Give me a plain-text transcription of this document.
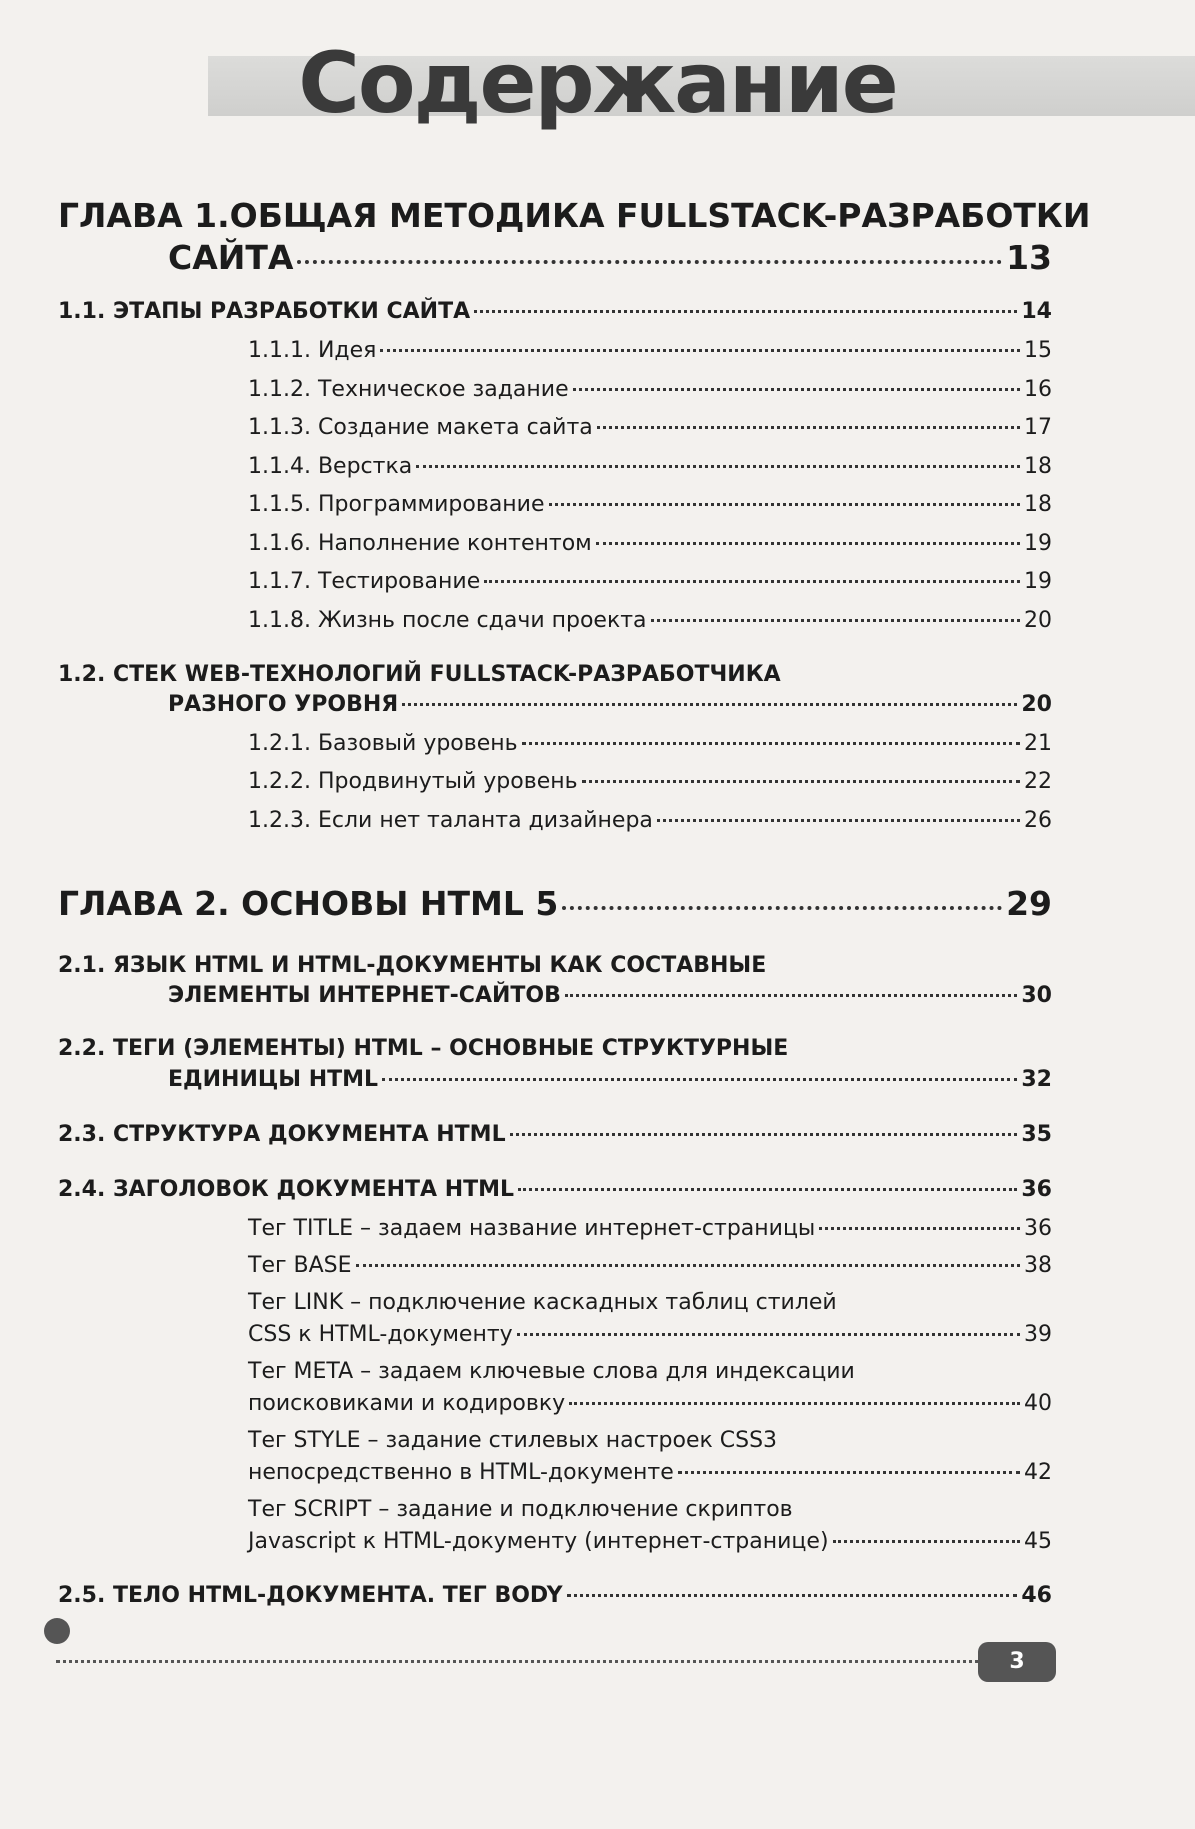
Содержание
ГЛАВА 1.ОБЩАЯ МЕТОДИКА FULLSTACK-РАЗРАБОТКИ
САЙТА	13
1.1. ЭТАПЫ РАЗРАБОТКИ САЙТА	14
1.1.1. Идея	15
1.1.2. Техническое задание	16
1.1.3. Создание макета сайта	17
1.1.4. Верстка	18
1.1.5. Программирование	18
1.1.6. Наполнение контентом	19
1.1.7. Тестирование	19
1.1.8. Жизнь после сдачи проекта	20
1.2. СТЕК WEB-ТЕХНОЛОГИЙ FULLSTACK-РАЗРАБОТЧИКА
РАЗНОГО УРОВНЯ	20
1.2.1. Базовый уровень	21
1.2.2. Продвинутый уровень	22
1.2.3. Если нет таланта дизайнера	26
ГЛАВА 2. ОСНОВЫ HTML 5	29
2.1. ЯЗЫК HTML И HTML-ДОКУМЕНТЫ КАК СОСТАВНЫЕ
ЭЛЕМЕНТЫ ИНТЕРНЕТ-САЙТОВ	30
2.2. ТЕГИ (ЭЛЕМЕНТЫ) HTML – ОСНОВНЫЕ СТРУКТУРНЫЕ
ЕДИНИЦЫ HTML	32
2.3. СТРУКТУРА ДОКУМЕНТА HTML	35
2.4. ЗАГОЛОВОК ДОКУМЕНТА HTML	36
Тег TITLE – задаем название интернет-страницы	36
Тег BASE	38
Тег LINK – подключение каскадных таблиц стилей
CSS к HTML-документу	39
Тег META – задаем ключевые слова для индексации
поисковиками и кодировку	40
Тег STYLE – задание стилевых настроек CSS3
непосредственно в HTML-документе	42
Тег SCRIPT – задание и подключение скриптов
Javascript к HTML-документу (интернет-странице)	45
2.5. ТЕЛО HTML-ДОКУМЕНТА. ТЕГ BODY	46
3
